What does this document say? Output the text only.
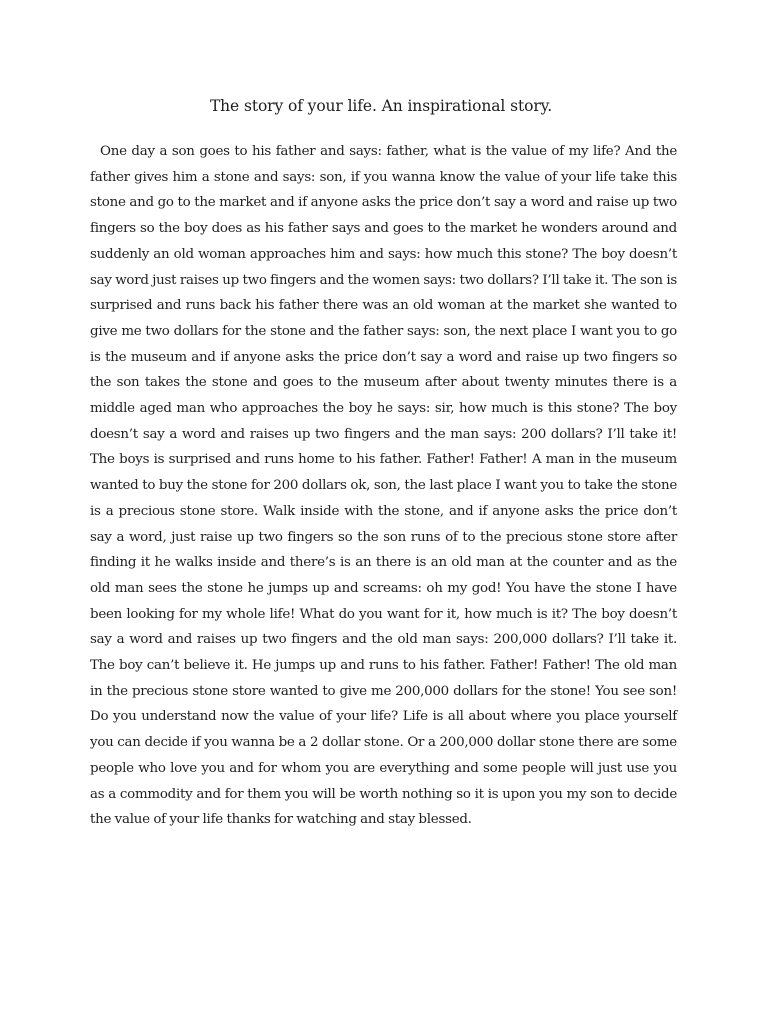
The story of your life. An inspirational story.

One day a son goes to his father and says: father, what is the value of my life? And the father gives him a stone and says: son, if you wanna know the value of your life take this stone and go to the market and if anyone asks the price don’t say a word and raise up two fingers so the boy does as his father says and goes to the market he wonders around and suddenly an old woman approaches him and says: how much this stone? The boy doesn’t say word just raises up two fingers and the women says: two dollars? I’ll take it. The son is surprised and runs back his father there was an old woman at the market she wanted to give me two dollars for the stone and the father says: son, the next place I want you to go is the museum and if anyone asks the price don’t say a word and raise up two fingers so the son takes the stone and goes to the museum after about twenty minutes there is a middle aged man who approaches the boy he says: sir, how much is this stone? The boy doesn’t say a word and raises up two fingers and the man says: 200 dollars? I’ll take it! The boys is surprised and runs home to his father. Father! Father! A man in the museum wanted to buy the stone for 200 dollars ok, son, the last place I want you to take the stone is a precious stone store. Walk inside with the stone, and if anyone asks the price don’t say a word, just raise up two fingers so the son runs of to the precious stone store after finding it he walks inside and there’s is an there is an old man at the counter and as the old man sees the stone he jumps up and screams: oh my god! You have the stone I have been looking for my whole life! What do you want for it, how much is it? The boy doesn’t say a word and raises up two fingers and the old man says: 200,000 dollars? I’ll take it. The boy can’t believe it. He jumps up and runs to his father. Father! Father! The old man in the precious stone store wanted to give me 200,000 dollars for the stone! You see son! Do you understand now the value of your life? Life is all about where you place yourself you can decide if you wanna be a 2 dollar stone. Or a 200,000 dollar stone there are some people who love you and for whom you are everything and some people will just use you as a commodity and for them you will be worth nothing so it is upon you my son to decide the value of your life thanks for watching and stay blessed.
